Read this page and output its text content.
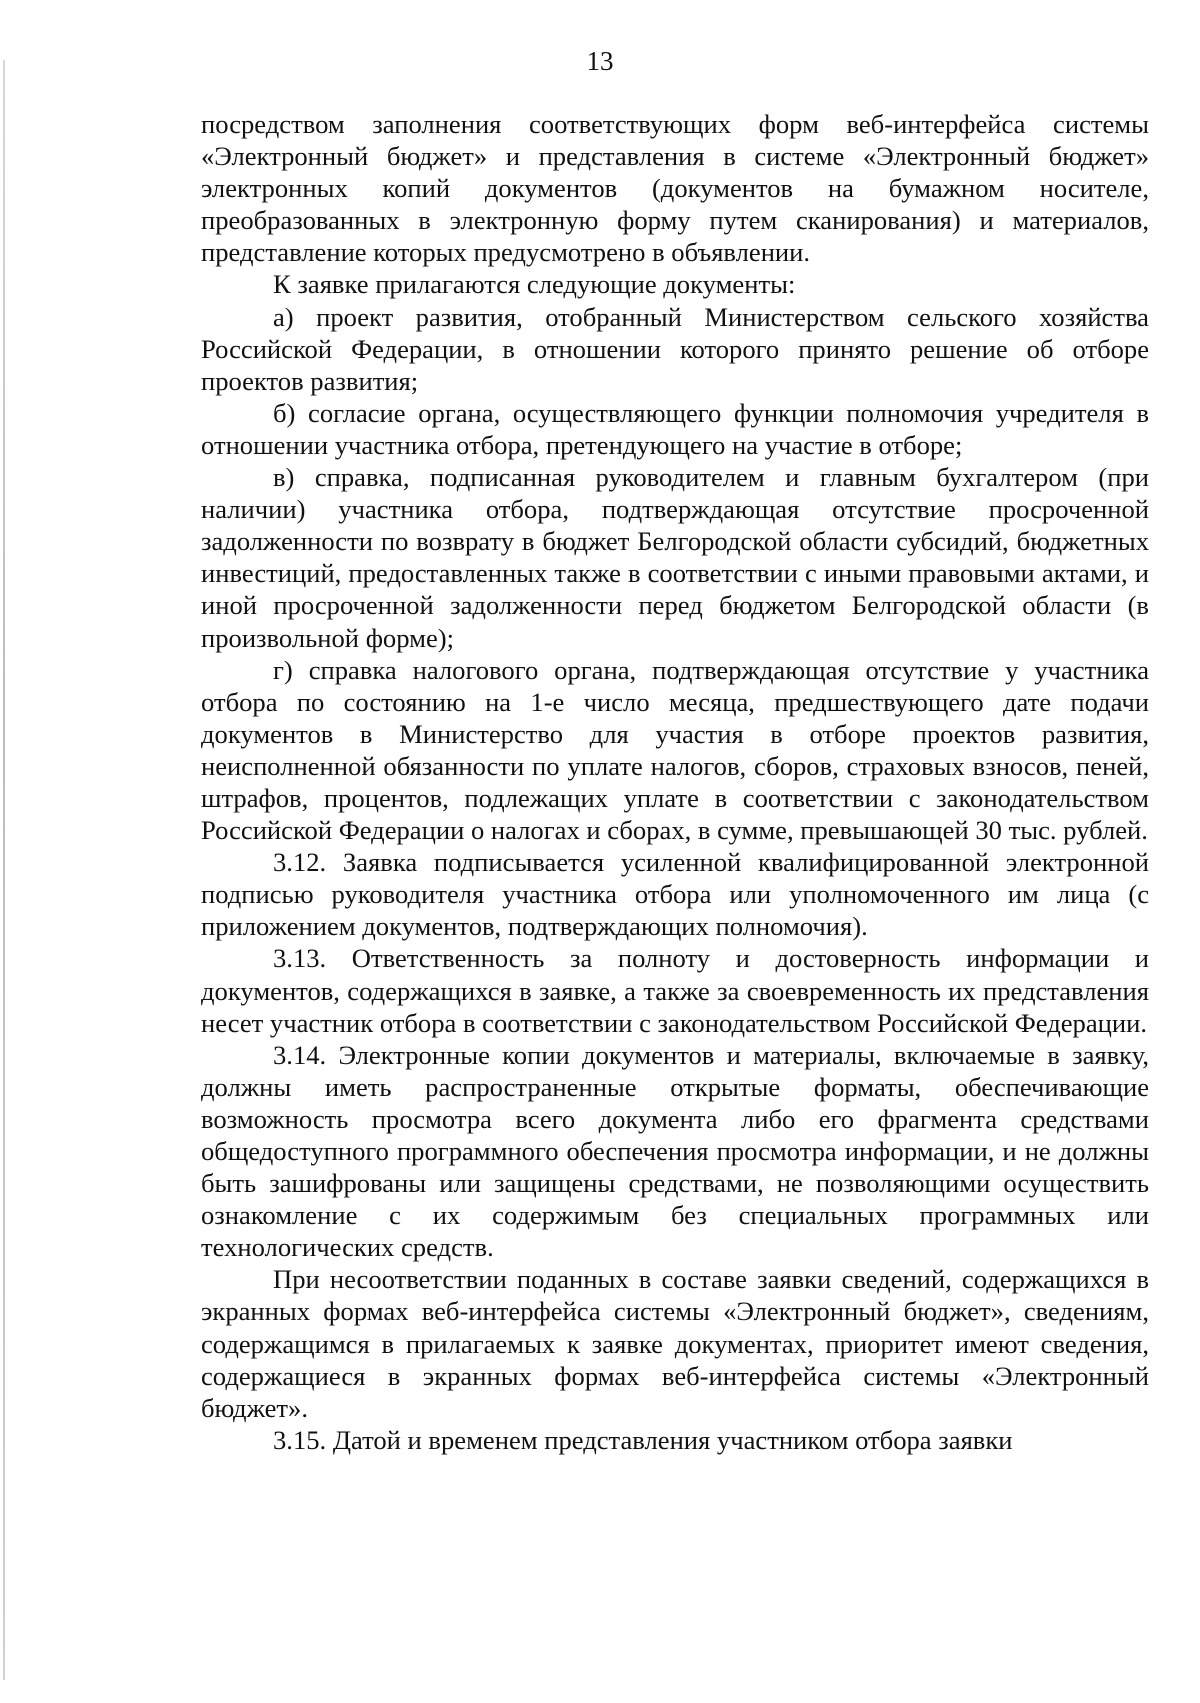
13

посредством заполнения соответствующих форм веб-интерфейса системы «Электронный бюджет» и представления в системе «Электронный бюджет» электронных копий документов (документов на бумажном носителе, преобразованных в электронную форму путем сканирования) и материалов, представление которых предусмотрено в объявлении.

К заявке прилагаются следующие документы:

а) проект развития, отобранный Министерством сельского хозяйства Российской Федерации, в отношении которого принято решение об отборе проектов развития;

б) согласие органа, осуществляющего функции полномочия учредителя в отношении участника отбора, претендующего на участие в отборе;

в) справка, подписанная руководителем и главным бухгалтером (при наличии) участника отбора, подтверждающая отсутствие просроченной задолженности по возврату в бюджет Белгородской области субсидий, бюджетных инвестиций, предоставленных также в соответствии с иными правовыми актами, и иной просроченной задолженности перед бюджетом Белгородской области (в произвольной форме);

г) справка налогового органа, подтверждающая отсутствие у участника отбора по состоянию на 1-е число месяца, предшествующего дате подачи документов в Министерство для участия в отборе проектов развития, неисполненной обязанности по уплате налогов, сборов, страховых взносов, пеней, штрафов, процентов, подлежащих уплате в соответствии с законодательством Российской Федерации о налогах и сборах, в сумме, превышающей 30 тыс. рублей.

3.12. Заявка подписывается усиленной квалифицированной электронной подписью руководителя участника отбора или уполномоченного им лица (с приложением документов, подтверждающих полномочия).

3.13. Ответственность за полноту и достоверность информации и документов, содержащихся в заявке, а также за своевременность их представления несет участник отбора в соответствии с законодательством Российской Федерации.

3.14. Электронные копии документов и материалы, включаемые в заявку, должны иметь распространенные открытые форматы, обеспечивающие возможность просмотра всего документа либо его фрагмента средствами общедоступного программного обеспечения просмотра информации, и не должны быть зашифрованы или защищены средствами, не позволяющими осуществить ознакомление с их содержимым без специальных программных или технологических средств.

При несоответствии поданных в составе заявки сведений, содержащихся в экранных формах веб-интерфейса системы «Электронный бюджет», сведениям, содержащимся в прилагаемых к заявке документах, приоритет имеют сведения, содержащиеся в экранных формах веб-интерфейса системы «Электронный бюджет».

3.15. Датой и временем представления участником отбора заявки
